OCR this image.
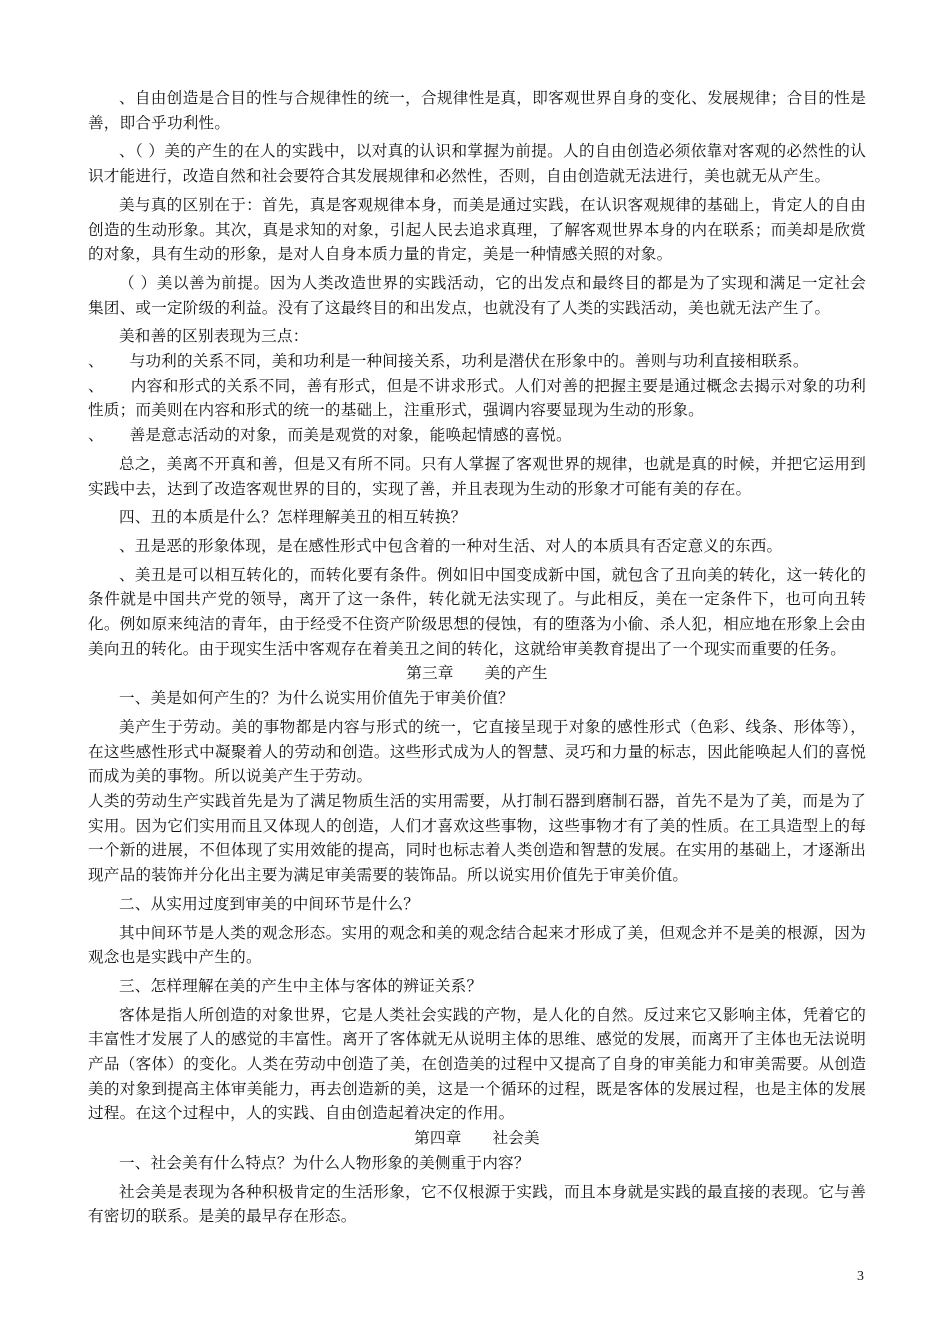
、自由创造是合目的性与合规律性的统一，合规律性是真，即客观世界自身的变化、发展规律；合目的性是善，即合乎功利性。

、（ ）美的产生的在人的实践中，以对真的认识和掌握为前提。人的自由创造必须依靠对客观的必然性的认识才能进行，改造自然和社会要符合其发展规律和必然性，否则，自由创造就无法进行，美也就无从产生。

美与真的区别在于：首先，真是客观规律本身，而美是通过实践，在认识客观规律的基础上，肯定人的自由创造的生动形象。其次，真是求知的对象，引起人民去追求真理，了解客观世界本身的内在联系；而美却是欣赏的对象，具有生动的形象，是对人自身本质力量的肯定，美是一种情感关照的对象。

（ ）美以善为前提。因为人类改造世界的实践活动，它的出发点和最终目的都是为了实现和满足一定社会集团、或一定阶级的利益。没有了这最终目的和出发点，也就没有了人类的实践活动，美也就无法产生了。

美和善的区别表现为三点：

、     与功利的关系不同，美和功利是一种间接关系，功利是潜伏在形象中的。善则与功利直接相联系。

、     内容和形式的关系不同，善有形式，但是不讲求形式。人们对善的把握主要是通过概念去揭示对象的功利性质；而美则在内容和形式的统一的基础上，注重形式，强调内容要显现为生动的形象。

、     善是意志活动的对象，而美是观赏的对象，能唤起情感的喜悦。

总之，美离不开真和善，但是又有所不同。只有人掌握了客观世界的规律，也就是真的时候，并把它运用到实践中去，达到了改造客观世界的目的，实现了善，并且表现为生动的形象才可能有美的存在。

四、丑的本质是什么？怎样理解美丑的相互转换？

、丑是恶的形象体现，是在感性形式中包含着的一种对生活、对人的本质具有否定意义的东西。

、美丑是可以相互转化的，而转化要有条件。例如旧中国变成新中国，就包含了丑向美的转化，这一转化的条件就是中国共产党的领导，离开了这一条件，转化就无法实现了。与此相反，美在一定条件下，也可向丑转化。例如原来纯洁的青年，由于经受不住资产阶级思想的侵蚀，有的堕落为小偷、杀人犯，相应地在形象上会由美向丑的转化。由于现实生活中客观存在着美丑之间的转化，这就给审美教育提出了一个现实而重要的任务。

第三章      美的产生

一、美是如何产生的？为什么说实用价值先于审美价值？

美产生于劳动。美的事物都是内容与形式的统一，它直接呈现于对象的感性形式（色彩、线条、形体等），在这些感性形式中凝聚着人的劳动和创造。这些形式成为人的智慧、灵巧和力量的标志，因此能唤起人们的喜悦而成为美的事物。所以说美产生于劳动。

人类的劳动生产实践首先是为了满足物质生活的实用需要，从打制石器到磨制石器，首先不是为了美，而是为了实用。因为它们实用而且又体现人的创造，人们才喜欢这些事物，这些事物才有了美的性质。在工具造型上的每一个新的进展，不但体现了实用效能的提高，同时也标志着人类创造和智慧的发展。在实用的基础上，才逐渐出现产品的装饰并分化出主要为满足审美需要的装饰品。所以说实用价值先于审美价值。

二、从实用过度到审美的中间环节是什么？

其中间环节是人类的观念形态。实用的观念和美的观念结合起来才形成了美，但观念并不是美的根源，因为观念也是实践中产生的。

三、怎样理解在美的产生中主体与客体的辨证关系？

客体是指人所创造的对象世界，它是人类社会实践的产物，是人化的自然。反过来它又影响主体，凭着它的丰富性才发展了人的感觉的丰富性。离开了客体就无从说明主体的思维、感觉的发展，而离开了主体也无法说明产品（客体）的变化。人类在劳动中创造了美，在创造美的过程中又提高了自身的审美能力和审美需要。从创造美的对象到提高主体审美能力，再去创造新的美，这是一个循环的过程，既是客体的发展过程，也是主体的发展过程。在这个过程中，人的实践、自由创造起着决定的作用。

第四章      社会美

一、社会美有什么特点？为什么人物形象的美侧重于内容？

社会美是表现为各种积极肯定的生活形象，它不仅根源于实践，而且本身就是实践的最直接的表现。它与善有密切的联系。是美的最早存在形态。

3
